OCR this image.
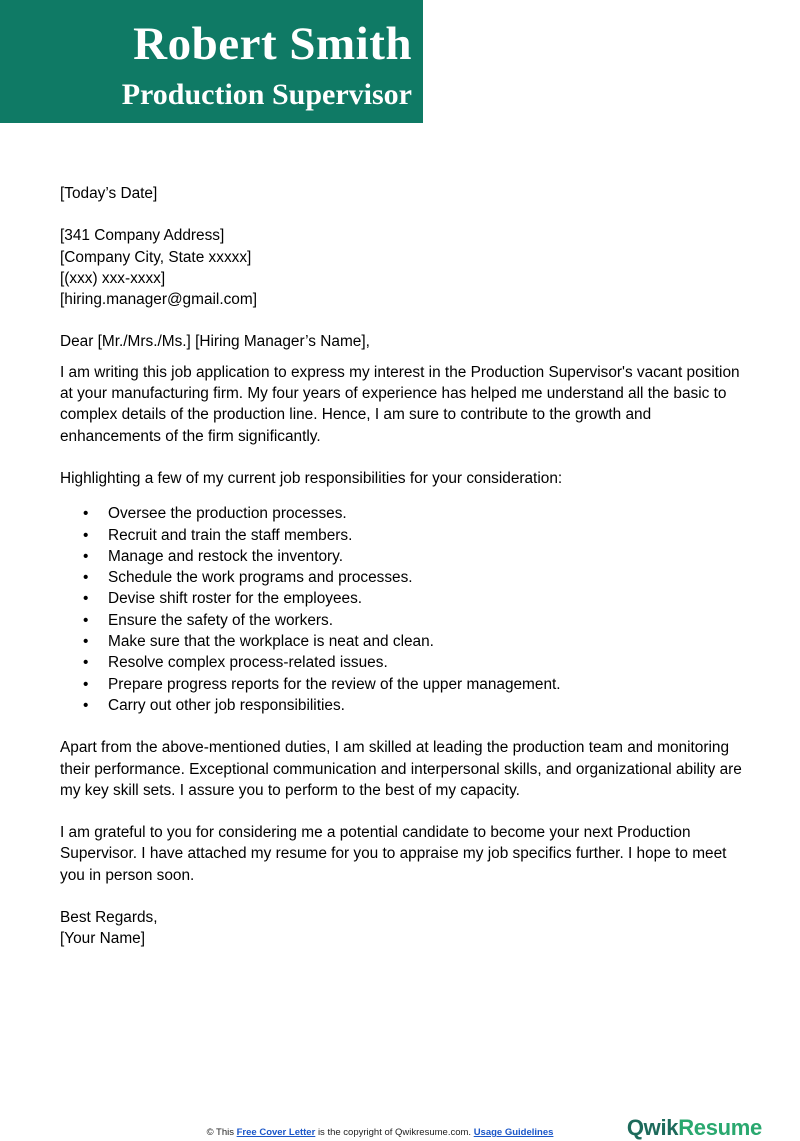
Robert Smith
Production Supervisor

[Today’s Date]

[341 Company Address]
[Company City, State xxxxx]
[(xxx) xxx-xxxx]
[hiring.manager@gmail.com]

Dear [Mr./Mrs./Ms.] [Hiring Manager’s Name],

I am writing this job application to express my interest in the Production Supervisor's vacant position at your manufacturing firm. My four years of experience has helped me understand all the basic to complex details of the production line. Hence, I am sure to contribute to the growth and enhancements of the firm significantly.

Highlighting a few of my current job responsibilities for your consideration:

• Oversee the production processes.
• Recruit and train the staff members.
• Manage and restock the inventory.
• Schedule the work programs and processes.
• Devise shift roster for the employees.
• Ensure the safety of the workers.
• Make sure that the workplace is neat and clean.
• Resolve complex process-related issues.
• Prepare progress reports for the review of the upper management.
• Carry out other job responsibilities.

Apart from the above-mentioned duties, I am skilled at leading the production team and monitoring their performance. Exceptional communication and interpersonal skills, and organizational ability are my key skill sets. I assure you to perform to the best of my capacity.

I am grateful to you for considering me a potential candidate to become your next Production Supervisor. I have attached my resume for you to appraise my job specifics further. I hope to meet you in person soon.

Best Regards,
[Your Name]
© This Free Cover Letter is the copyright of Qwikresume.com. Usage Guidelines	QwikResume
